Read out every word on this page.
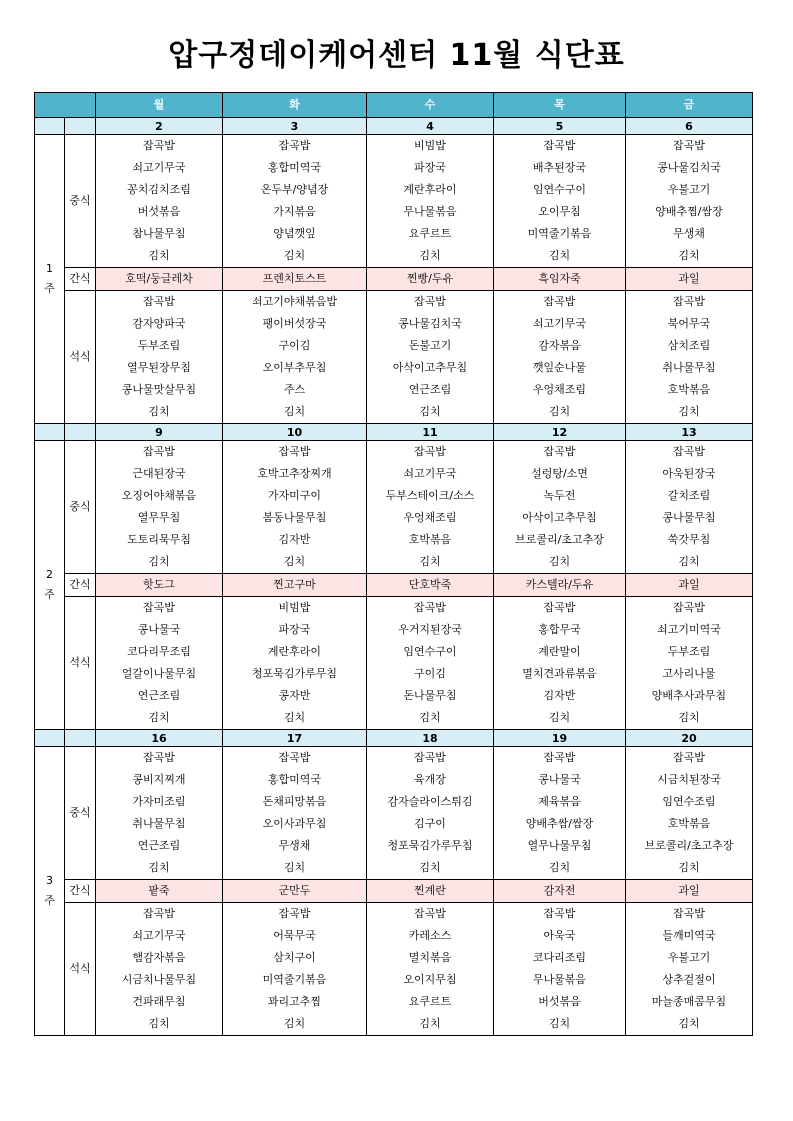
압구정데이케어센터 11월 식단표
		월	화	수	목	금
		2	3	4	5	6
1
주	중식	잡곡밥	잡곡밥	비빔밥	잡곡밥	잡곡밥
		쇠고기무국	홍합미역국	파장국	배추된장국	콩나물김치국
		꽁치김치조림	온두부/양념장	계란후라이	임연수구이	우불고기
		버섯볶음	가지볶음	무나물볶음	오이무침	양배추찜/쌈장
		참나물무침	양념깻잎	요쿠르트	미역줄기볶음	무생채
		김치	김치	김치	김치	김치
	간식	호떡/둥글레차	프렌치토스트	찐빵/두유	흑임자죽	과일
	석식	잡곡밥	쇠고기야채볶음밥	잡곡밥	잡곡밥	잡곡밥
		감자양파국	팽이버섯장국	콩나물김치국	쇠고기무국	북어무국
		두부조림	구이김	돈불고기	감자볶음	삼치조림
		열무된장무침	오이부추무침	아삭이고추무침	깻잎순나물	취나물무침
		콩나물맛살무침	주스	연근조림	우엉채조림	호박볶음
		김치	김치	김치	김치	김치
		9	10	11	12	13
2
주	중식	잡곡밥	잡곡밥	잡곡밥	잡곡밥	잡곡밥
		근대된장국	호박고추장찌개	쇠고기무국	설렁탕/소면	아욱된장국
		오징어야채볶음	가자미구이	두부스테이크/소스	녹두전	갈치조림
		열무무침	봄동나물무침	우엉채조림	아삭이고추무침	콩나물무침
		도토리묵무침	김자반	호박볶음	브로콜리/초고추장	쑥갓무침
		김치	김치	김치	김치	김치
	간식	핫도그	찐고구마	단호박죽	카스텔라/두유	과일
	석식	잡곡밥	비빔밥	잡곡밥	잡곡밥	잡곡밥
		콩나물국	파장국	우거지된장국	홍합무국	쇠고기미역국
		코다리무조림	계란후라이	임연수구이	계란말이	두부조림
		얼갈이나물무침	청포묵김가루무침	구이김	멸치견과류볶음	고사리나물
		연근조림	콩자반	돈나물무침	김자반	양배추사과무침
		김치	김치	김치	김치	김치
		16	17	18	19	20
3
주	중식	잡곡밥	잡곡밥	잡곡밥	잡곡밥	잡곡밥
		콩비지찌개	홍합미역국	육개장	콩나물국	시금치된장국
		가자미조림	돈채피망볶음	감자슬라이스튀김	제육볶음	임연수조림
		취나물무침	오이사과무침	김구이	양배추쌈/쌈장	호박볶음
		연근조림	무생채	청포묵김가루무침	열무나물무침	브로콜리/초고추장
		김치	김치	김치	김치	김치
	간식	팥죽	군만두	찐계란	감자전	과일
	석식	잡곡밥	잡곡밥	잡곡밥	잡곡밥	잡곡밥
		쇠고기무국	어묵무국	카레소스	아욱국	들깨미역국
		햄감자볶음	삼치구이	멸치볶음	코다리조림	우불고기
		시금치나물무침	미역줄기볶음	오이지무침	무나물볶음	상추겉절이
		건파래무침	꽈리고추찜	요쿠르트	버섯볶음	마늘종매콤무침
		김치	김치	김치	김치	김치
